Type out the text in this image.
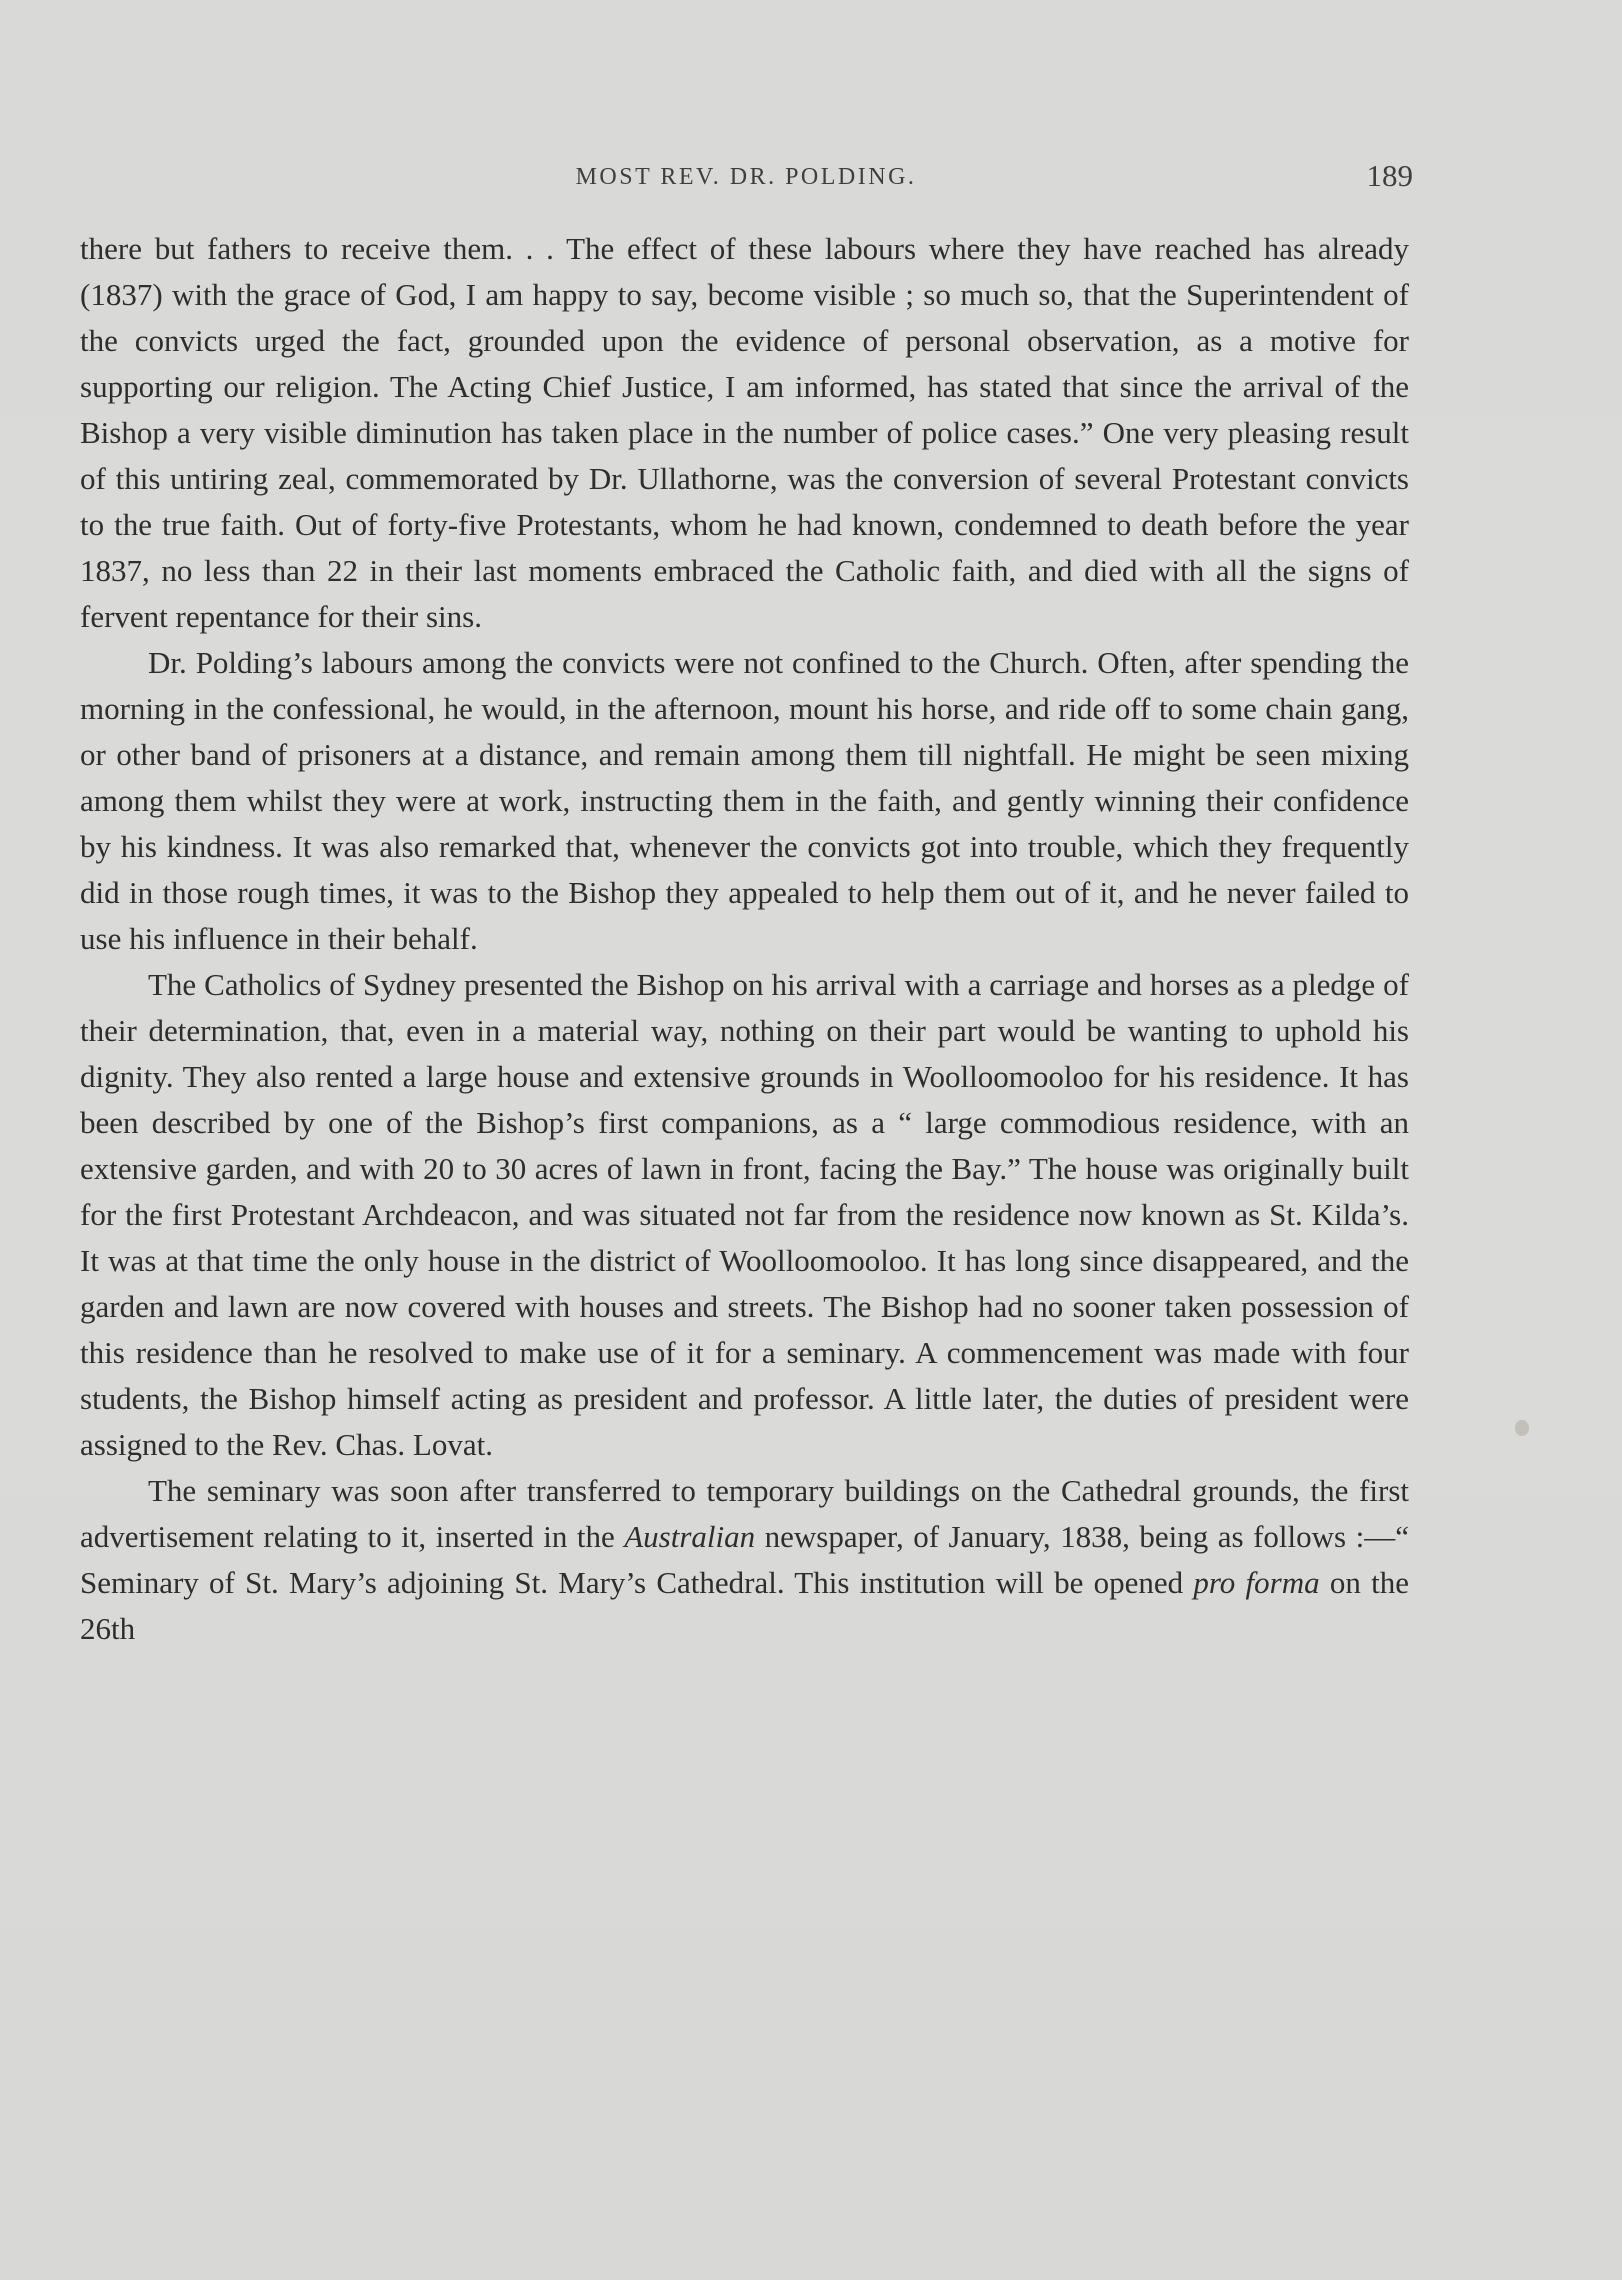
MOST REV. DR. POLDING.	189

there but fathers to receive them. . . The effect of these labours where they have reached has already (1837) with the grace of God, I am happy to say, become visible ; so much so, that the Superintendent of the convicts urged the fact, grounded upon the evidence of personal observation, as a motive for supporting our religion. The Acting Chief Justice, I am informed, has stated that since the arrival of the Bishop a very visible diminution has taken place in the number of police cases.” One very pleasing result of this untiring zeal, commemorated by Dr. Ullathorne, was the conversion of several Protestant convicts to the true faith. Out of forty-five Protestants, whom he had known, condemned to death before the year 1837, no less than 22 in their last moments embraced the Catholic faith, and died with all the signs of fervent repentance for their sins.

Dr. Polding’s labours among the convicts were not confined to the Church. Often, after spending the morning in the confessional, he would, in the afternoon, mount his horse, and ride off to some chain gang, or other band of prisoners at a distance, and remain among them till nightfall. He might be seen mixing among them whilst they were at work, instructing them in the faith, and gently winning their confidence by his kindness. It was also remarked that, whenever the convicts got into trouble, which they frequently did in those rough times, it was to the Bishop they appealed to help them out of it, and he never failed to use his influence in their behalf.

The Catholics of Sydney presented the Bishop on his arrival with a carriage and horses as a pledge of their determination, that, even in a material way, nothing on their part would be wanting to uphold his dignity. They also rented a large house and extensive grounds in Woolloomooloo for his residence. It has been described by one of the Bishop’s first companions, as a “ large commodious residence, with an extensive garden, and with 20 to 30 acres of lawn in front, facing the Bay.” The house was originally built for the first Protestant Archdeacon, and was situated not far from the residence now known as St. Kilda’s. It was at that time the only house in the district of Woolloomooloo. It has long since disappeared, and the garden and lawn are now covered with houses and streets. The Bishop had no sooner taken possession of this residence than he resolved to make use of it for a seminary. A commencement was made with four students, the Bishop himself acting as president and professor. A little later, the duties of president were assigned to the Rev. Chas. Lovat.

The seminary was soon after transferred to temporary buildings on the Cathedral grounds, the first advertisement relating to it, inserted in the Australian newspaper, of January, 1838, being as follows :—“ Seminary of St. Mary’s adjoining St. Mary’s Cathedral. This institution will be opened pro forma on the 26th
